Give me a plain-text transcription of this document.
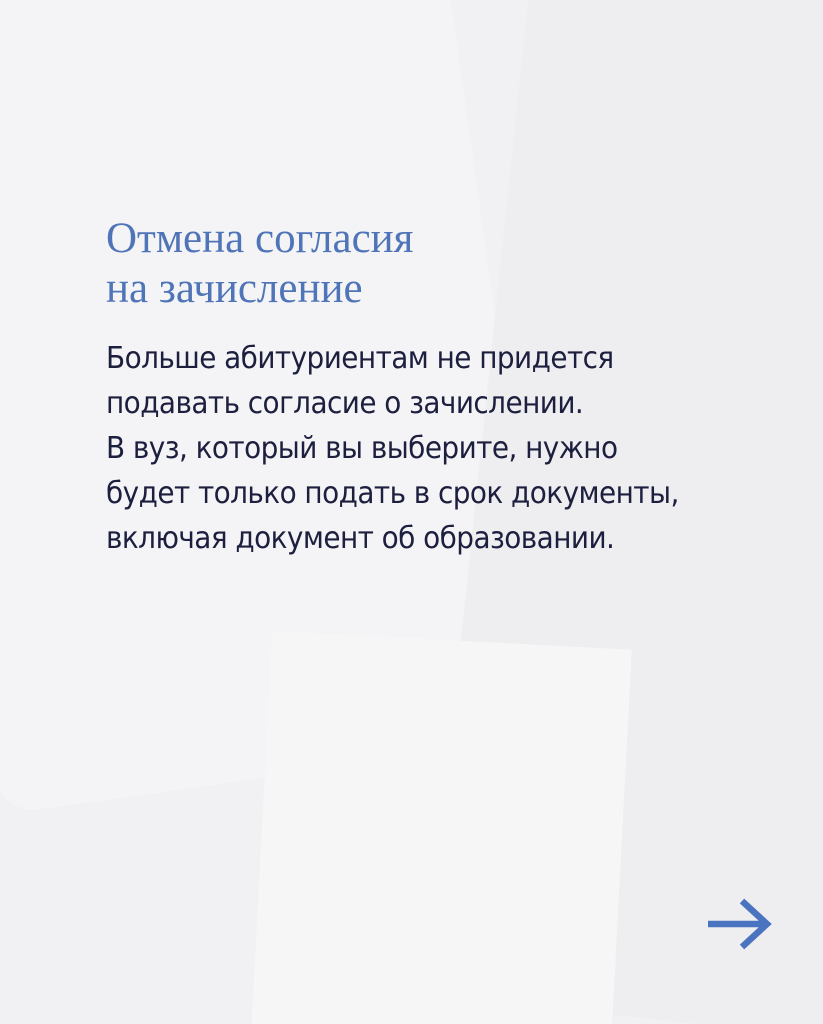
Отмена согласия
на зачисление

Больше абитуриентам не придется
подавать согласие о зачислении.
В вуз, который вы выберите, нужно
будет только подать в срок документы,
включая документ об образовании.
